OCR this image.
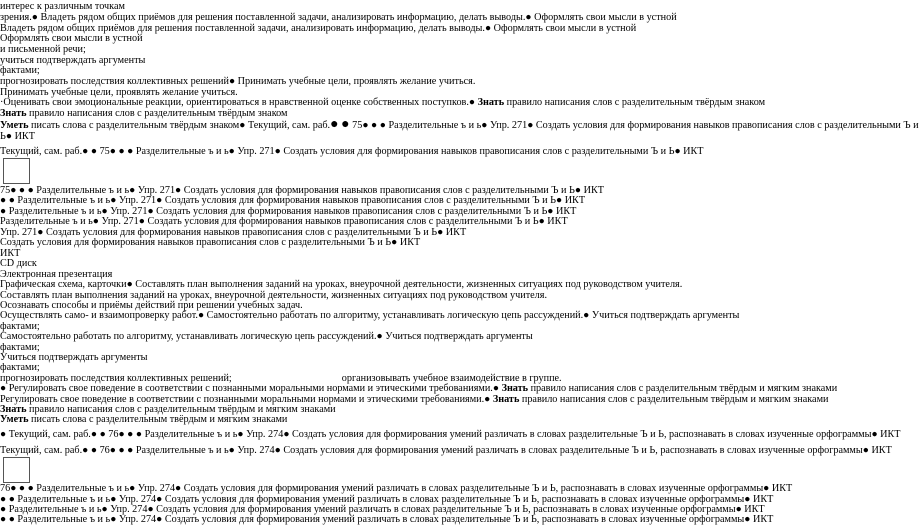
интерес к различным точкам
зрения.● Владеть рядом общих приёмов для решения поставленной задачи, анализировать информацию, делать выводы.● Оформлять свои мысли в устной
Владеть рядом общих приёмов для решения поставленной задачи, анализировать информацию, делать выводы.● Оформлять свои мысли в устной
Оформлять свои мысли в устной
и письменной речи;
учиться подтверждать аргументы
фактами;
прогнозировать последствия коллективных решений● Принимать учебные цели, проявлять желание учиться.
Принимать учебные цели, проявлять желание учиться.
·Оценивать свои эмоциональные реакции, ориентироваться в нравственной оценке собственных поступков.● Знать правило написания слов с разделительным твёрдым знаком
Знать правило написания слов с разделительным твёрдым знаком
Уметь писать слова с разделительным твёрдым знаком● Текущий, сам. раб.● ● 75● ● ● Разделительные ъ и ь● Упр. 271● Создать условия для формирования навыков правописания слов с разделительными Ъ и
Ь● ИКТ
Текущий, сам. раб.● ● 75● ● ● Разделительные ъ и ь● Упр. 271● Создать условия для формирования навыков правописания слов с разделительными Ъ и Ь● ИКТ
75● ● ● Разделительные ъ и ь● Упр. 271● Создать условия для формирования навыков правописания слов с разделительными Ъ и Ь● ИКТ
● ● Разделительные ъ и ь● Упр. 271● Создать условия для формирования навыков правописания слов с разделительными Ъ и Ь● ИКТ
● Разделительные ъ и ь● Упр. 271● Создать условия для формирования навыков правописания слов с разделительными Ъ и Ь● ИКТ
Разделительные ъ и ь● Упр. 271● Создать условия для формирования навыков правописания слов с разделительными Ъ и Ь● ИКТ
Упр. 271● Создать условия для формирования навыков правописания слов с разделительными Ъ и Ь● ИКТ
Создать условия для формирования навыков правописания слов с разделительными Ъ и Ь● ИКТ
ИКТ
CD диск
Электронная презентация
Графическая схема, карточки● Составлять план выполнения заданий на уроках, внеурочной деятельности, жизненных ситуациях под руководством учителя.
Составлять план выполнения заданий на уроках, внеурочной деятельности, жизненных ситуациях под руководством учителя.
Осознавать способы и приёмы действий при решении учебных задач.
Осуществлять само- и взаимопроверку работ.● Самостоятельно работать по алгоритму, устанавливать логическую цепь рассуждений.● Учиться подтверждать аргументы
фактами;
Самостоятельно работать по алгоритму, устанавливать логическую цепь рассуждений.● Учиться подтверждать аргументы
фактами;
Учиться подтверждать аргументы
фактами;
прогнозировать последствия коллективных решений;	организовывать учебное взаимодействие в группе.
● Регулировать свое поведение в соответствии с познанными моральными нормами и этическими требованиями.● Знать правило написания слов с разделительным твёрдым и мягким знаками
Регулировать свое поведение в соответствии с познанными моральными нормами и этическими требованиями.● Знать правило написания слов с разделительным твёрдым и мягким знаками
Знать правило написания слов с разделительным твёрдым и мягким знаками
Уметь писать слова с разделительным твёрдым и мягким знаками
● Текущий, сам. раб.● ● 76● ● ● Разделительные ъ и ь● Упр. 274● Создать условия для формирования умений различать в словах разделительные Ъ и Ь, распознавать в словах изученные орфограммы● ИКТ
Текущий, сам. раб.● ● 76● ● ● Разделительные ъ и ь● Упр. 274● Создать условия для формирования умений различать в словах разделительные Ъ и Ь, распознавать в словах изученные орфограммы● ИКТ
76● ● ● Разделительные ъ и ь● Упр. 274● Создать условия для формирования умений различать в словах разделительные Ъ и Ь, распознавать в словах изученные орфограммы● ИКТ
● ● Разделительные ъ и ь● Упр. 274● Создать условия для формирования умений различать в словах разделительные Ъ и Ь, распознавать в словах изученные орфограммы● ИКТ
● Разделительные ъ и ь● Упр. 274● Создать условия для формирования умений различать в словах разделительные Ъ и Ь, распознавать в словах изученные орфограммы● ИКТ
● ● Разделительные ъ и ь● Упр. 274● Создать условия для формирования умений различать в словах разделительные Ъ и Ь, распознавать в словах изученные орфограммы● ИКТ
